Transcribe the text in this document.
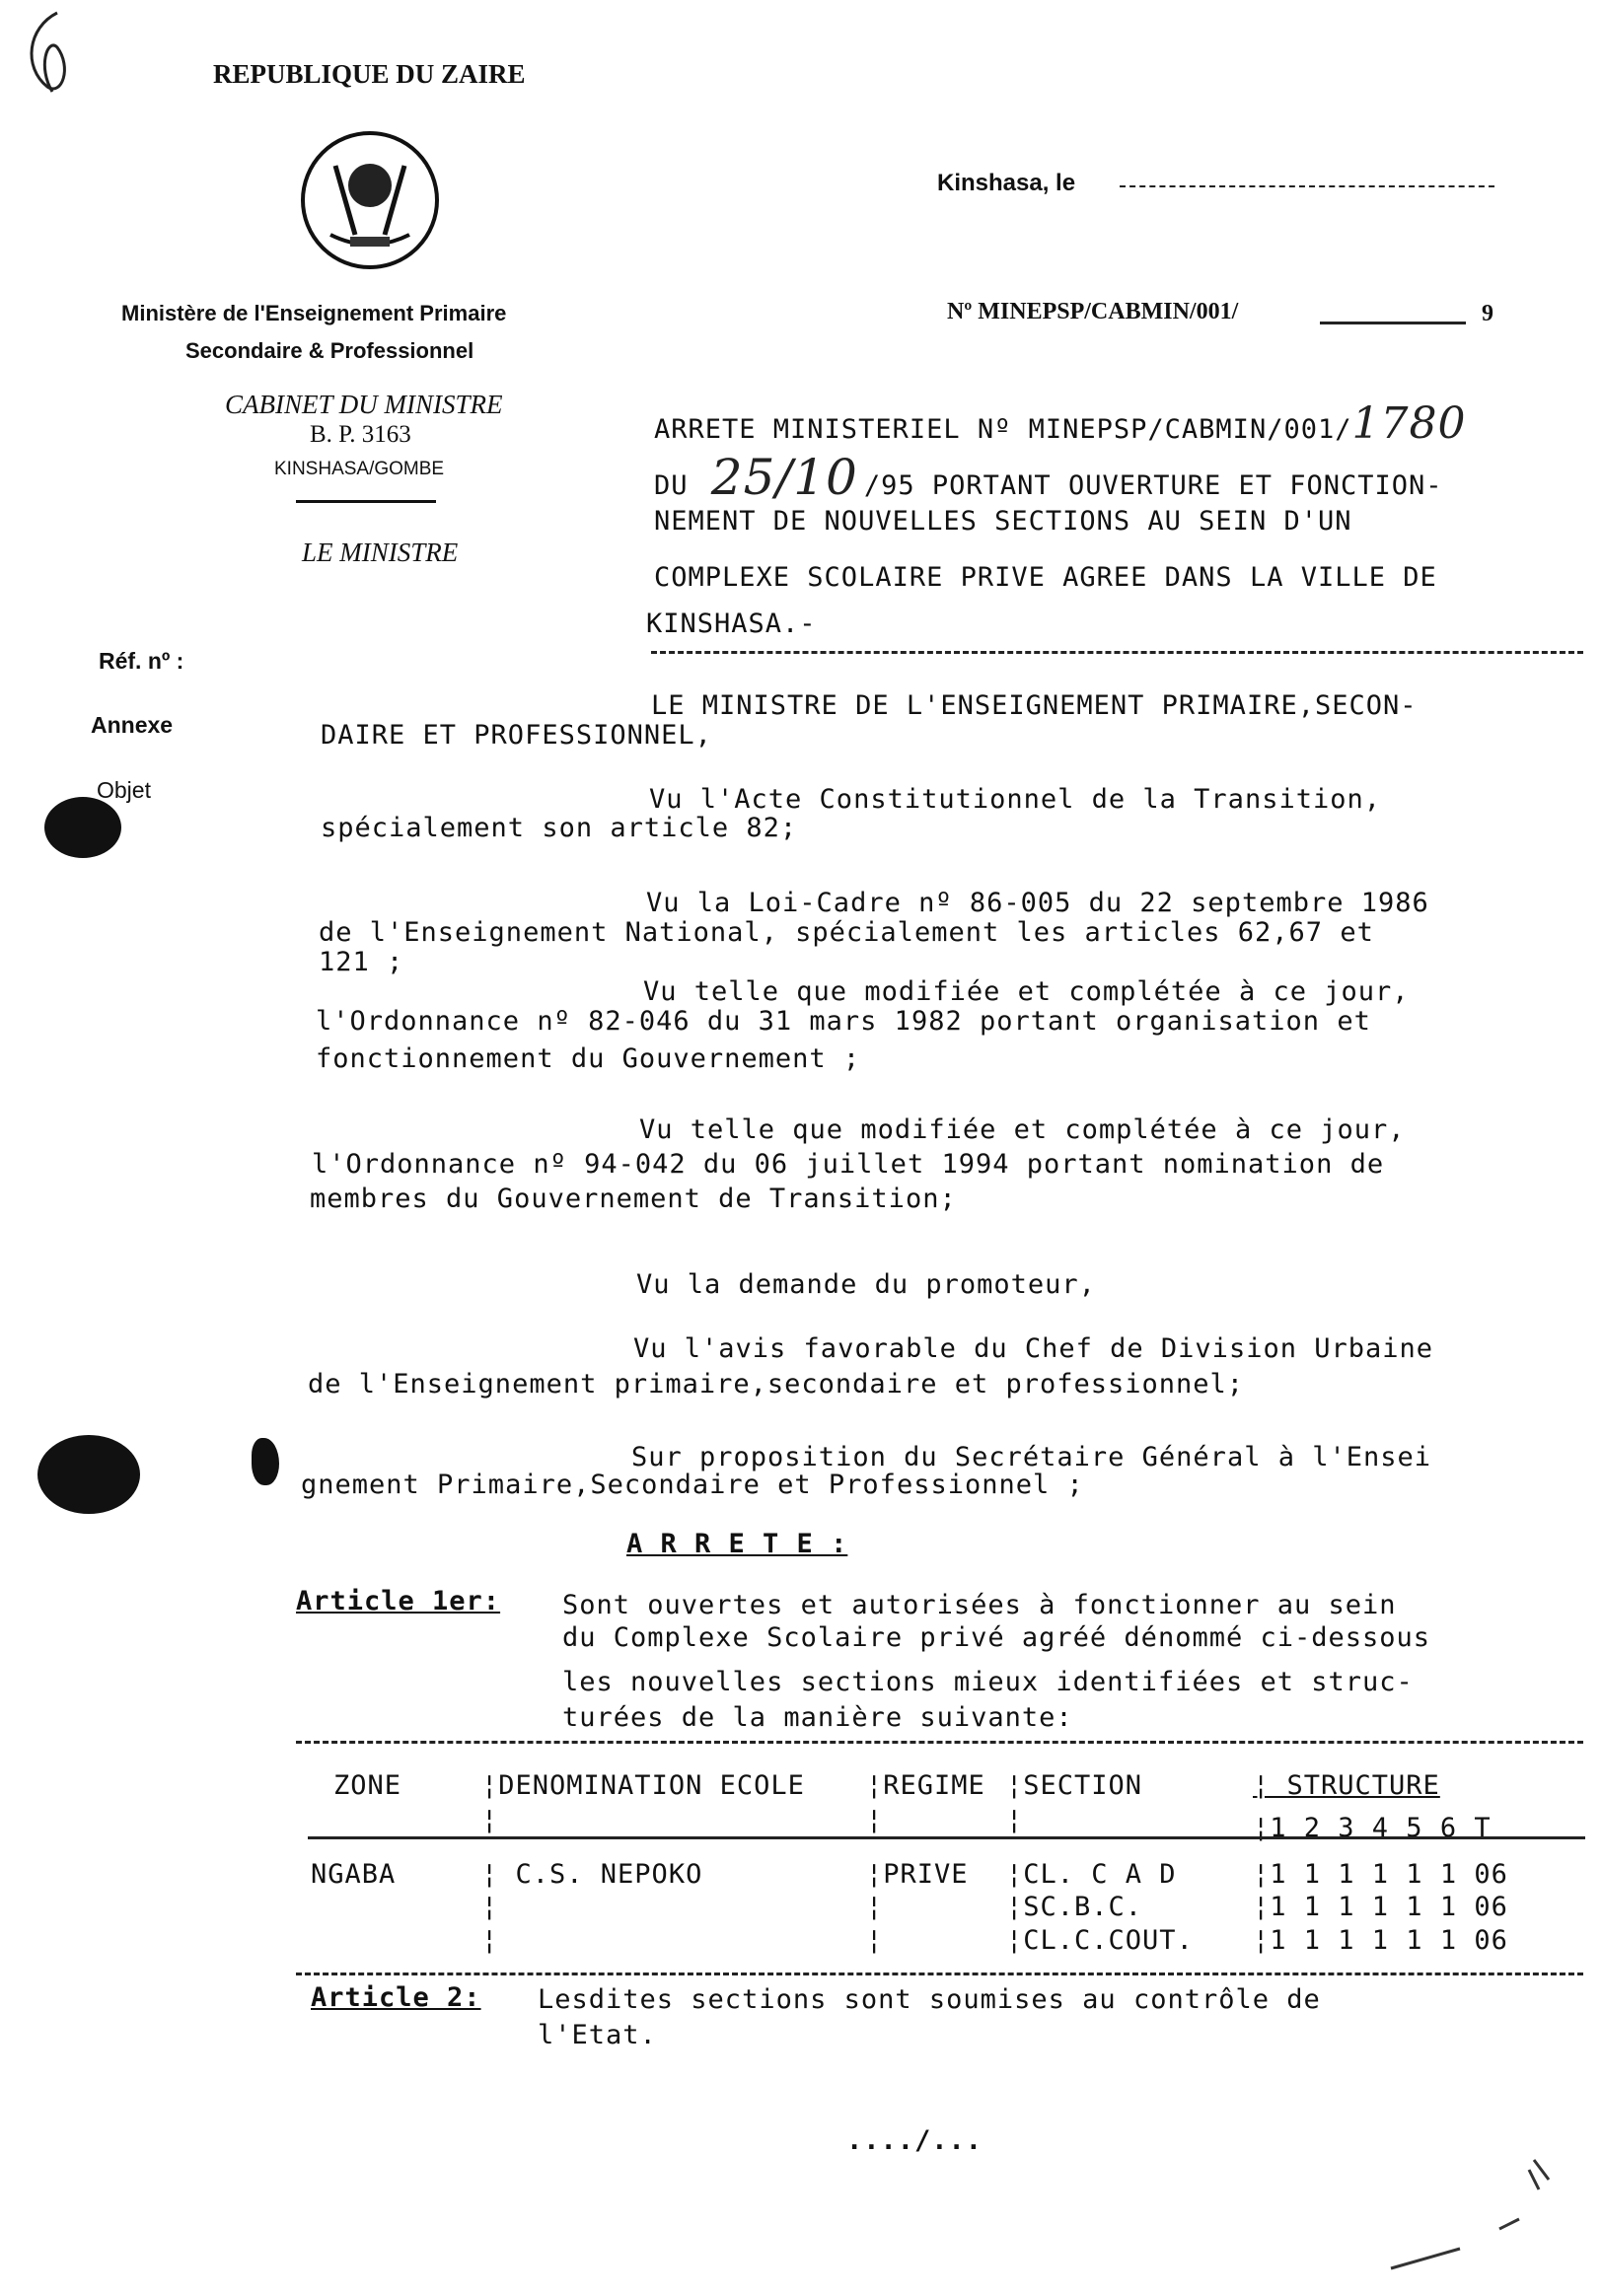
REPUBLIQUE DU ZAIRE
Ministère de l'Enseignement Primaire
Secondaire & Professionnel
CABINET DU MINISTRE
B. P. 3163
KINSHASA/GOMBE
LE MINISTRE
Kinshasa, le
Nº MINEPSP/CABMIN/001/	9
Réf. nº :
Annexe
Objet
ARRETE MINISTERIEL Nº MINEPSP/CABMIN/001/1780
DU 25/10 /95 PORTANT OUVERTURE ET FONCTION-
NEMENT DE NOUVELLES SECTIONS AU SEIN D'UN
COMPLEXE SCOLAIRE PRIVE AGREE DANS LA VILLE DE
KINSHASA.-
LE MINISTRE DE L'ENSEIGNEMENT PRIMAIRE,SECON-
DAIRE ET PROFESSIONNEL,
Vu l'Acte Constitutionnel de la Transition,
spécialement son article 82;
Vu la Loi-Cadre nº 86-005 du 22 septembre 1986
de l'Enseignement National, spécialement les articles 62,67 et
121 ;
Vu telle que modifiée et complétée à ce jour,
l'Ordonnance nº 82-046 du 31 mars 1982 portant organisation et
fonctionnement du Gouvernement ;
Vu telle que modifiée et complétée à ce jour,
l'Ordonnance nº 94-042 du 06 juillet 1994 portant nomination de
membres du Gouvernement de Transition;
Vu la demande du promoteur,
Vu l'avis favorable du Chef de Division Urbaine
de l'Enseignement primaire,secondaire et professionnel;
Sur proposition du Secrétaire Général à l'Ensei
gnement Primaire,Secondaire et Professionnel ;
A R R E T E :
Article 1er: Sont ouvertes et autorisées à fonctionner au sein
du Complexe Scolaire privé agréé dénommé ci-dessous
les nouvelles sections mieux identifiées et struc-
turées de la manière suivante:
ZONE	¦DENOMINATION ECOLE ¦REGIME ¦SECTION	¦ STRUCTURE
¦1 2 3 4 5 6 T
¦	¦	¦
NGABA	¦ C.S. NEPOKO	¦PRIVE ¦CL. C A D	¦1 1 1 1 1 1 06
¦	¦	¦SC.B.C.	¦1 1 1 1 1 1 06
¦	¦	¦CL.C.COUT. ¦1 1 1 1 1 1 06
Article 2: Lesdites sections sont soumises au contrôle de
l'Etat.
..../...
